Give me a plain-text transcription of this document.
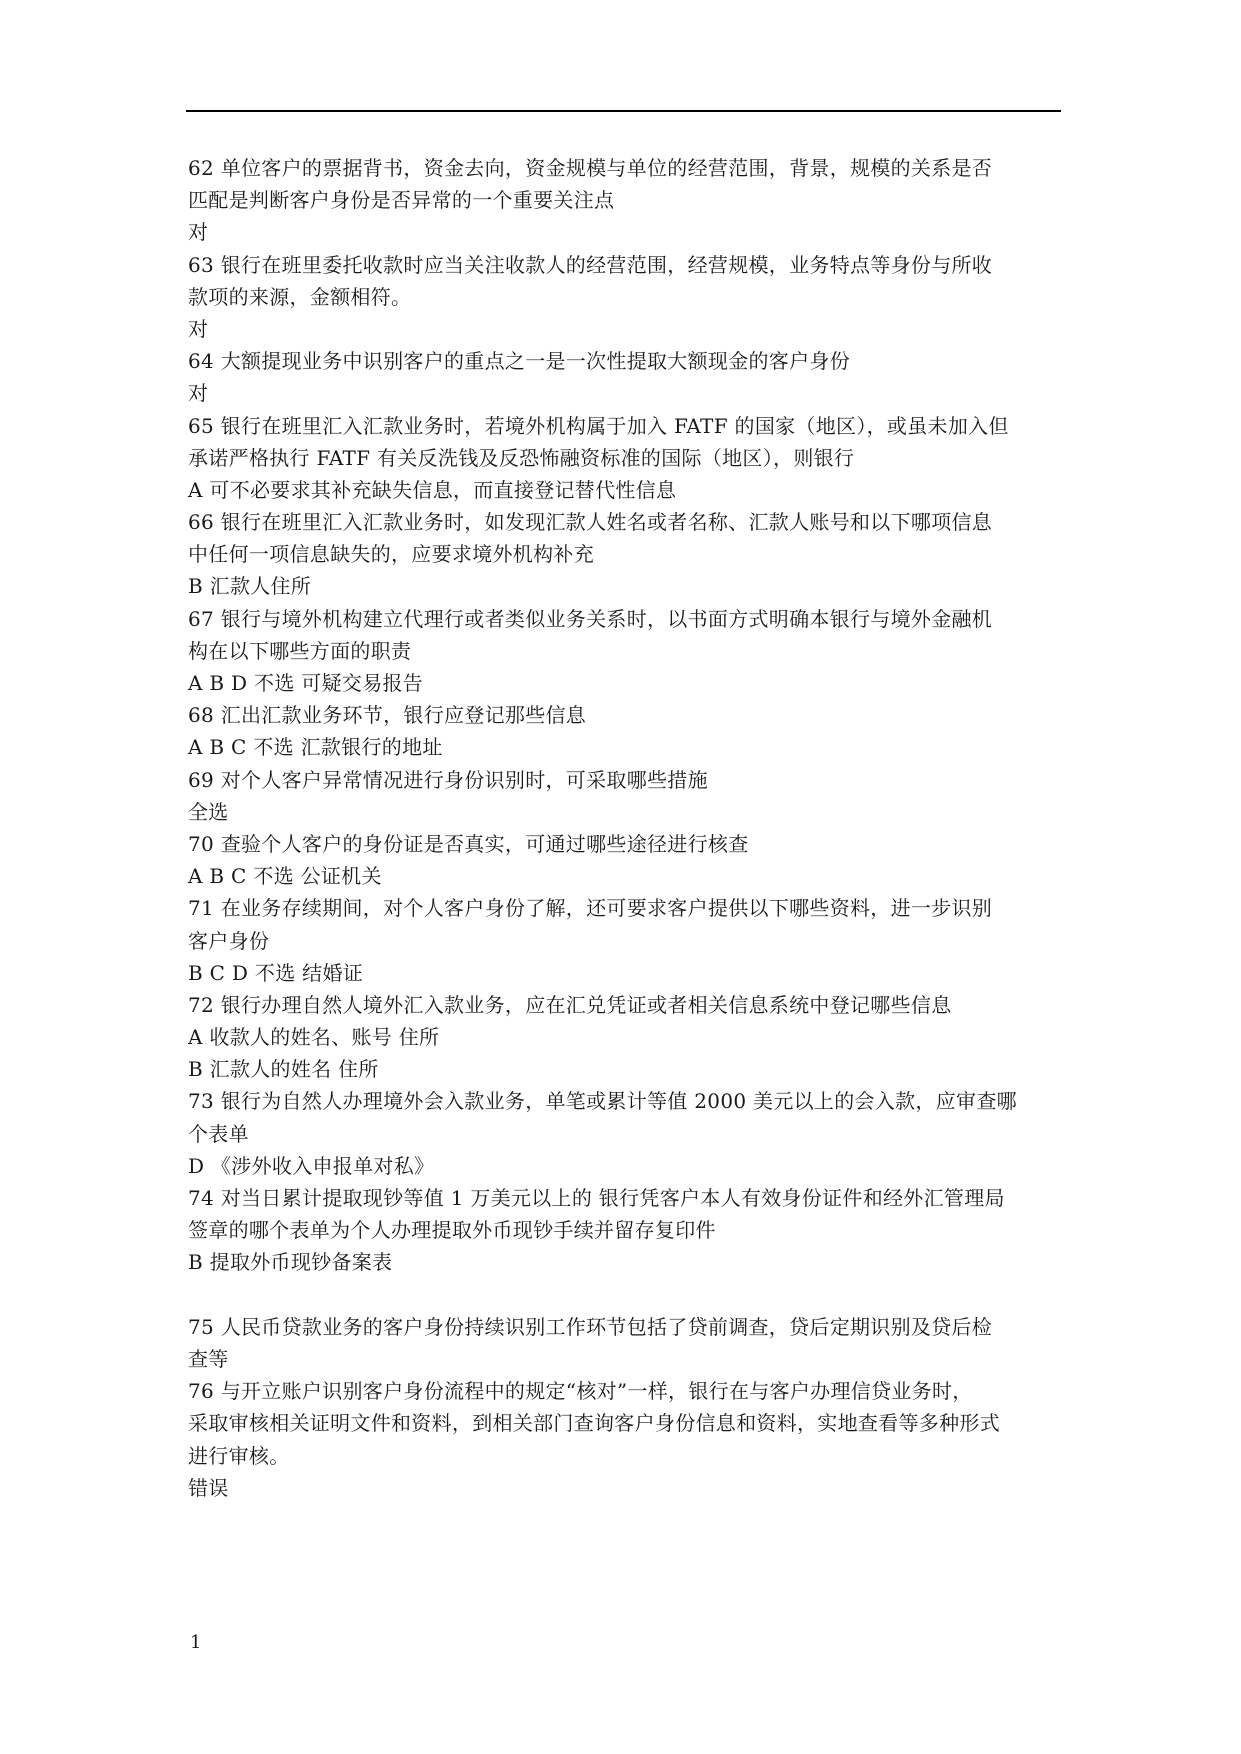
62 单位客户的票据背书，资金去向，资金规模与单位的经营范围，背景，规模的关系是否
匹配是判断客户身份是否异常的一个重要关注点
对
63 银行在班里委托收款时应当关注收款人的经营范围，经营规模，业务特点等身份与所收
款项的来源，金额相符。
对
64 大额提现业务中识别客户的重点之一是一次性提取大额现金的客户身份
对
65 银行在班里汇入汇款业务时，若境外机构属于加入 FATF 的国家（地区），或虽未加入但
承诺严格执行 FATF 有关反洗钱及反恐怖融资标准的国际（地区），则银行
A 可不必要求其补充缺失信息，而直接登记替代性信息
66 银行在班里汇入汇款业务时，如发现汇款人姓名或者名称、汇款人账号和以下哪项信息
中任何一项信息缺失的，应要求境外机构补充
B 汇款人住所
67 银行与境外机构建立代理行或者类似业务关系时，以书面方式明确本银行与境外金融机
构在以下哪些方面的职责
A B D 不选 可疑交易报告
68 汇出汇款业务环节，银行应登记那些信息
A B C 不选 汇款银行的地址
69 对个人客户异常情况进行身份识别时，可采取哪些措施
全选
70 查验个人客户的身份证是否真实，可通过哪些途径进行核查
A B C 不选 公证机关
71 在业务存续期间，对个人客户身份了解，还可要求客户提供以下哪些资料，进一步识别
客户身份
B C D 不选 结婚证
72 银行办理自然人境外汇入款业务，应在汇兑凭证或者相关信息系统中登记哪些信息
A 收款人的姓名、账号 住所
B 汇款人的姓名 住所
73 银行为自然人办理境外会入款业务，单笔或累计等值 2000 美元以上的会入款，应审查哪
个表单
D 《涉外收入申报单对私》
74 对当日累计提取现钞等值 1 万美元以上的 银行凭客户本人有效身份证件和经外汇管理局
签章的哪个表单为个人办理提取外币现钞手续并留存复印件
B 提取外币现钞备案表
75 人民币贷款业务的客户身份持续识别工作环节包括了贷前调查，贷后定期识别及贷后检
查等
76 与开立账户识别客户身份流程中的规定“核对”一样，银行在与客户办理信贷业务时，
采取审核相关证明文件和资料，到相关部门查询客户身份信息和资料，实地查看等多种形式
进行审核。
错误
1
